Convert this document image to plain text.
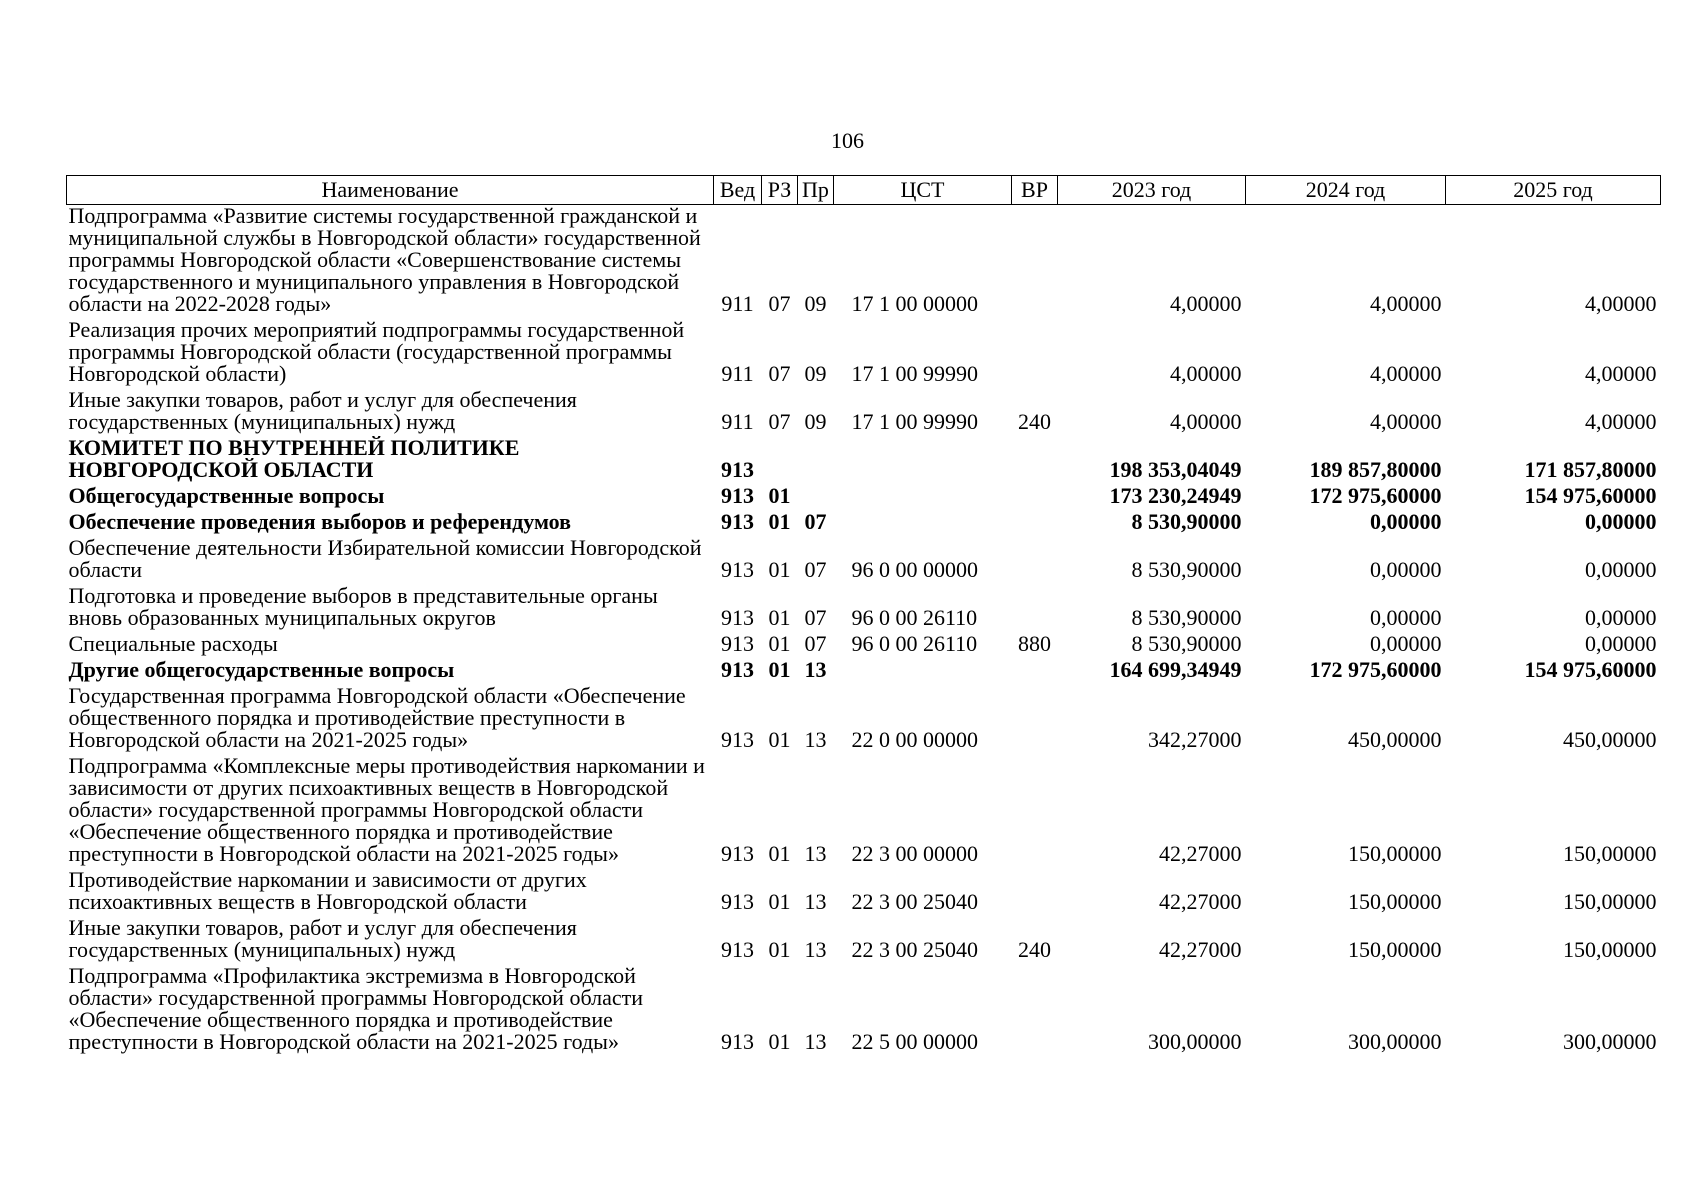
106
Наименование	Вед	РЗ	Пр	ЦСТ	ВР	2023 год	2024 год	2025 год
Подпрограмма «Развитие системы государственной гражданской и муниципальной службы в Новгородской области» государственной программы Новгородской области «Совершенствование системы государственного и муниципального управления в Новгородской области на 2022-2028 годы»	911	07	09	17 1 00 00000		4,00000	4,00000	4,00000
Реализация прочих мероприятий подпрограммы государственной программы Новгородской области (государственной программы Новгородской области)	911	07	09	17 1 00 99990		4,00000	4,00000	4,00000
Иные закупки товаров, работ и услуг для обеспечения государственных (муниципальных) нужд	911	07	09	17 1 00 99990	240	4,00000	4,00000	4,00000
КОМИТЕТ ПО ВНУТРЕННЕЙ ПОЛИТИКЕ НОВГОРОДСКОЙ ОБЛАСТИ	913					198 353,04049	189 857,80000	171 857,80000
Общегосударственные вопросы	913	01				173 230,24949	172 975,60000	154 975,60000
Обеспечение проведения выборов и референдумов	913	01	07			8 530,90000	0,00000	0,00000
Обеспечение деятельности Избирательной комиссии Новгородской области	913	01	07	96 0 00 00000		8 530,90000	0,00000	0,00000
Подготовка и проведение выборов в представительные органы вновь образованных муниципальных округов	913	01	07	96 0 00 26110		8 530,90000	0,00000	0,00000
Специальные расходы	913	01	07	96 0 00 26110	880	8 530,90000	0,00000	0,00000
Другие общегосударственные вопросы	913	01	13			164 699,34949	172 975,60000	154 975,60000
Государственная программа Новгородской области «Обеспечение общественного порядка и противодействие преступности в Новгородской области на 2021-2025 годы»	913	01	13	22 0 00 00000		342,27000	450,00000	450,00000
Подпрограмма «Комплексные меры противодействия наркомании и зависимости от других психоактивных веществ в Новгородской области» государственной программы Новгородской области «Обеспечение общественного порядка и противодействие преступности в Новгородской области на 2021-2025 годы»	913	01	13	22 3 00 00000		42,27000	150,00000	150,00000
Противодействие наркомании и зависимости от других психоактивных веществ в Новгородской области	913	01	13	22 3 00 25040		42,27000	150,00000	150,00000
Иные закупки товаров, работ и услуг для обеспечения государственных (муниципальных) нужд	913	01	13	22 3 00 25040	240	42,27000	150,00000	150,00000
Подпрограмма «Профилактика экстремизма в Новгородской области» государственной программы Новгородской области «Обеспечение общественного порядка и противодействие преступности в Новгородской области на 2021-2025 годы»	913	01	13	22 5 00 00000		300,00000	300,00000	300,00000
